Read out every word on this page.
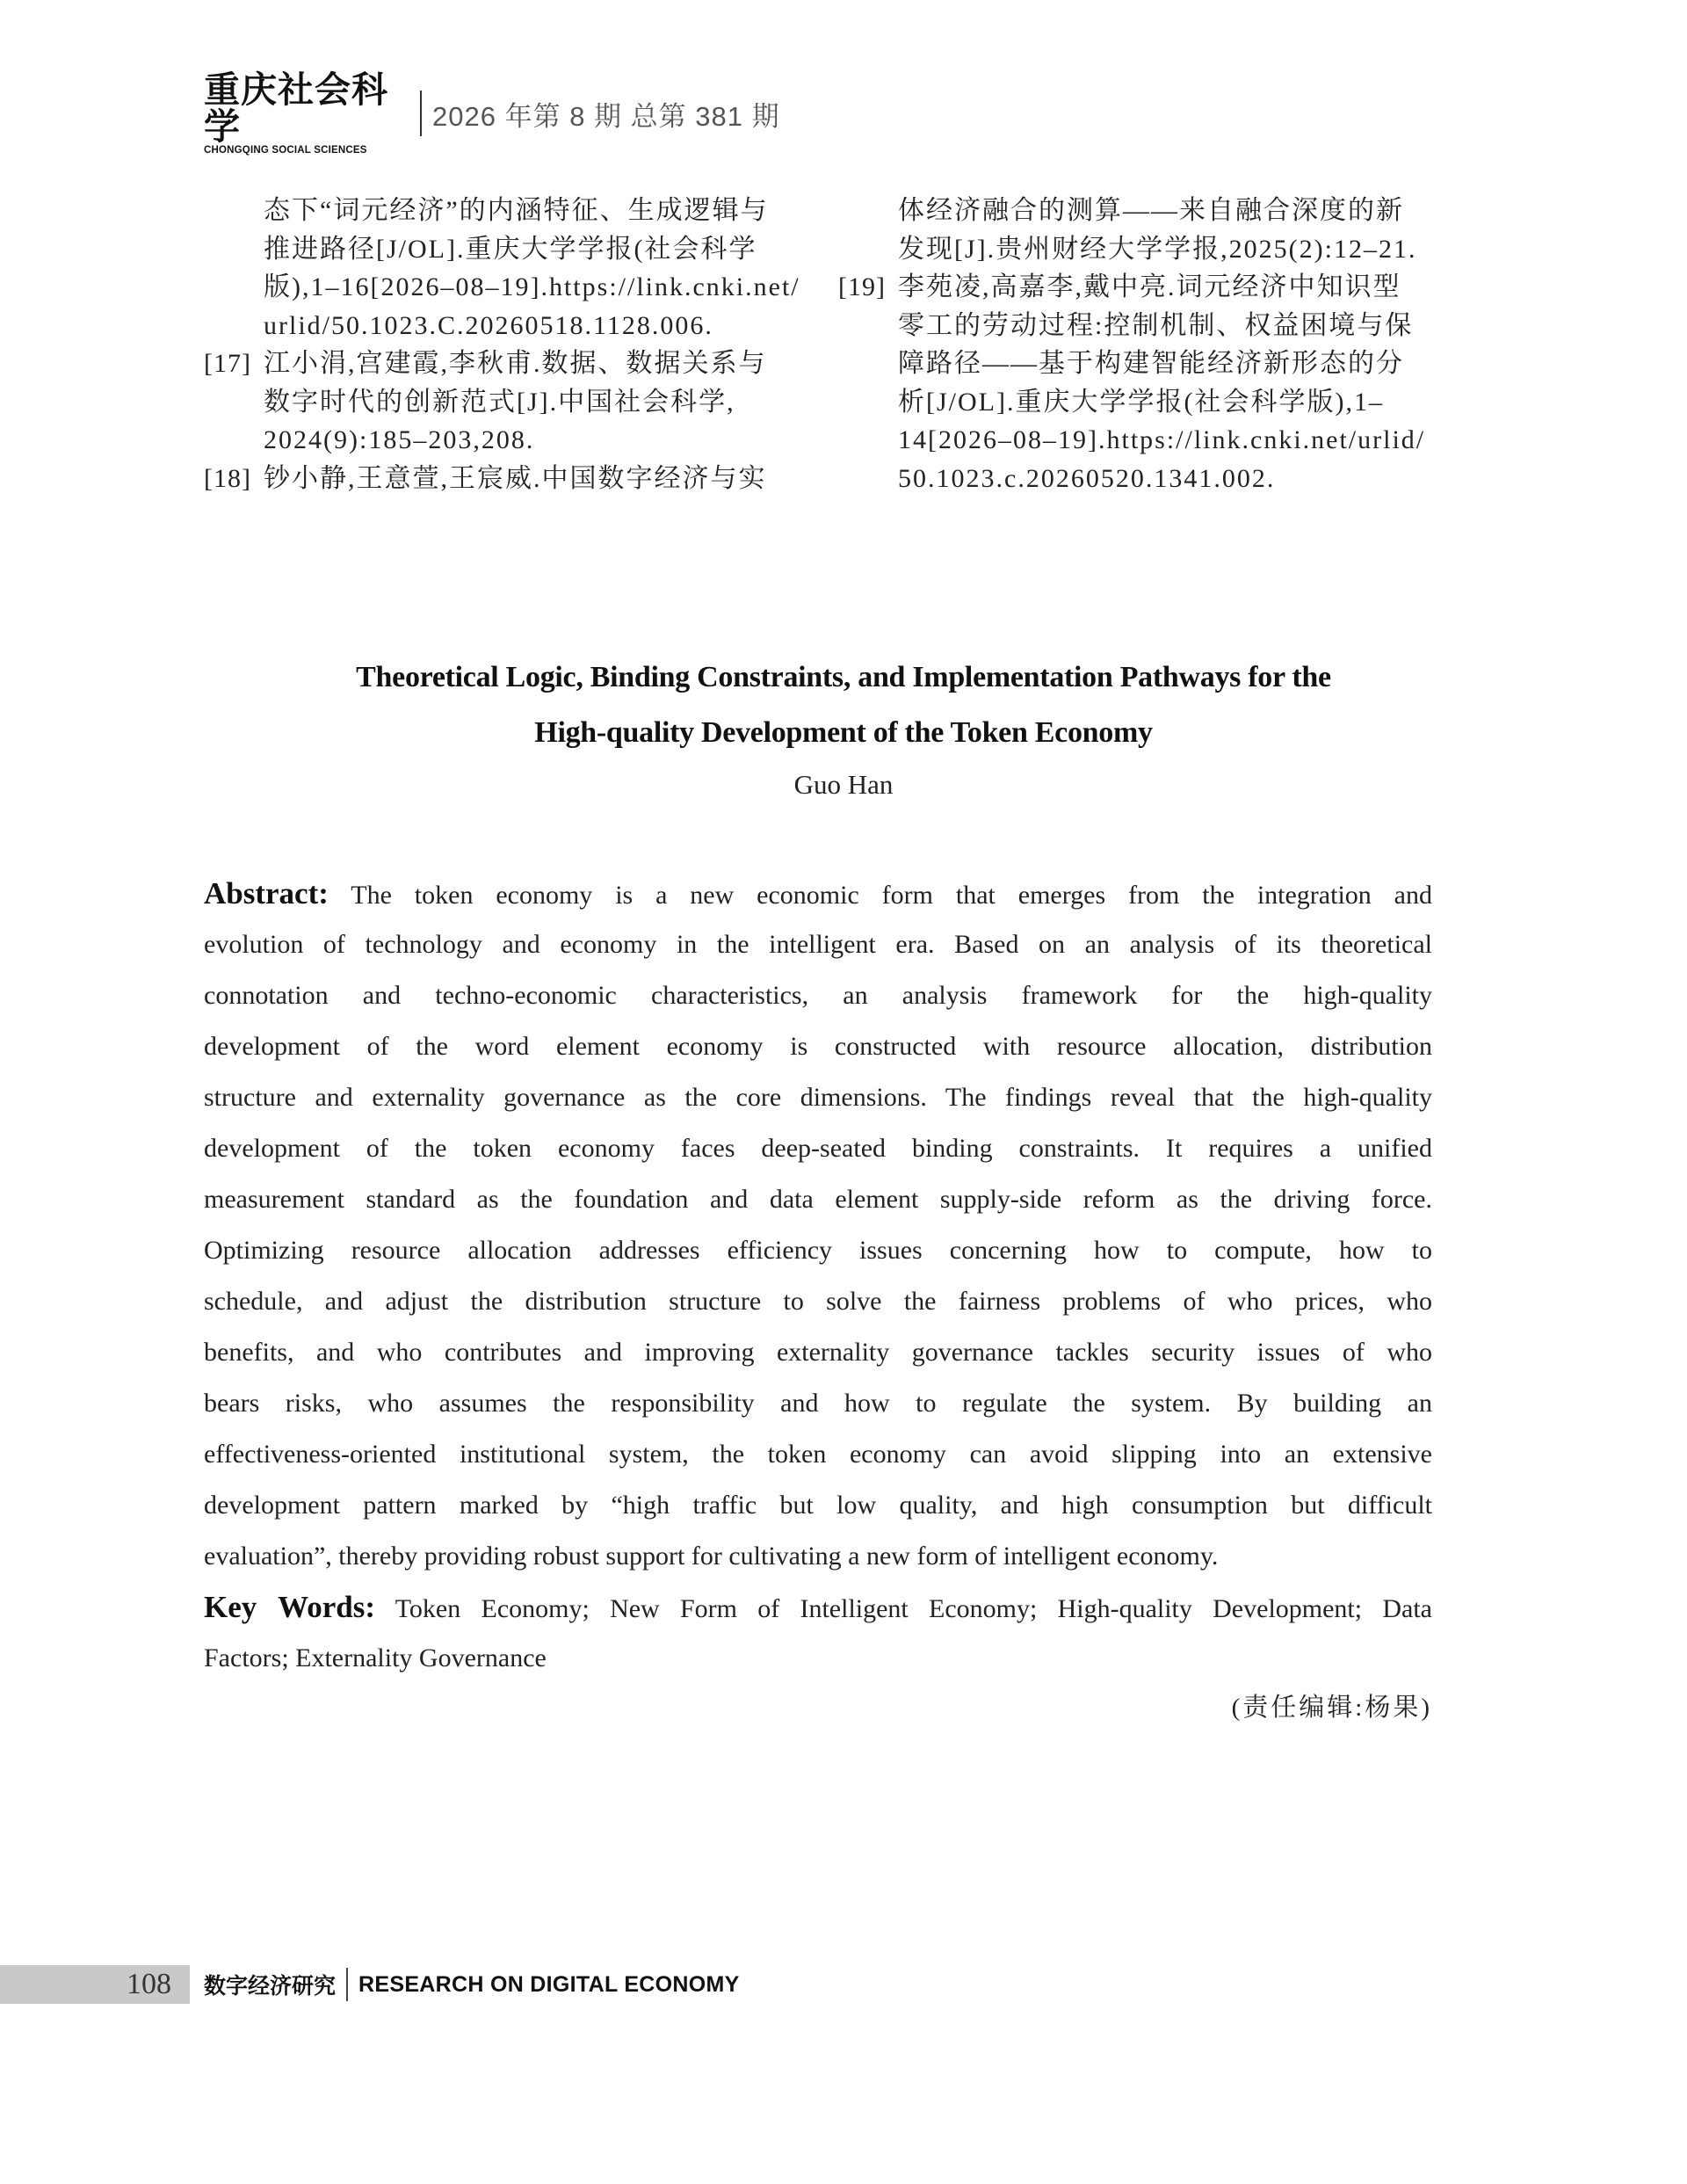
重庆社会科学
CHONGQING SOCIAL SCIENCES
2026 年第 8 期 总第 381 期
态下“词元经济”的内涵特征、生成逻辑与
推进路径[J/OL].重庆大学学报(社会科学
版),1–16[2026–08–19].https://link.cnki.net/
urlid/50.1023.C.20260518.1128.006.
[17] 江小涓,宫建霞,李秋甫.数据、数据关系与
数字时代的创新范式[J].中国社会科学,
2024(9):185–203,208.
[18] 钞小静,王意萱,王宸威.中国数字经济与实
体经济融合的测算——来自融合深度的新
发现[J].贵州财经大学学报,2025(2):12–21.
[19] 李苑凌,高嘉李,戴中亮.词元经济中知识型
零工的劳动过程:控制机制、权益困境与保
障路径——基于构建智能经济新形态的分
析[J/OL].重庆大学学报(社会科学版),1–
14[2026–08–19].https://link.cnki.net/urlid/
50.1023.c.20260520.1341.002.
Theoretical Logic, Binding Constraints, and Implementation Pathways for the
High-quality Development of the Token Economy
Guo Han
Abstract: The token economy is a new economic form that emerges from the integration and
evolution of technology and economy in the intelligent era. Based on an analysis of its theoretical
connotation and techno-economic characteristics, an analysis framework for the high-quality
development of the word element economy is constructed with resource allocation, distribution
structure and externality governance as the core dimensions. The findings reveal that the high-quality
development of the token economy faces deep-seated binding constraints. It requires a unified
measurement standard as the foundation and data element supply-side reform as the driving force.
Optimizing resource allocation addresses efficiency issues concerning how to compute, how to
schedule, and adjust the distribution structure to solve the fairness problems of who prices, who
benefits, and who contributes and improving externality governance tackles security issues of who
bears risks, who assumes the responsibility and how to regulate the system. By building an
effectiveness-oriented institutional system, the token economy can avoid slipping into an extensive
development pattern marked by “high traffic but low quality, and high consumption but difficult
evaluation”, thereby providing robust support for cultivating a new form of intelligent economy.
Key Words: Token Economy; New Form of Intelligent Economy; High-quality Development; Data
Factors; Externality Governance
(责任编辑:杨果)
108 数字经济研究 RESEARCH ON DIGITAL ECONOMY
